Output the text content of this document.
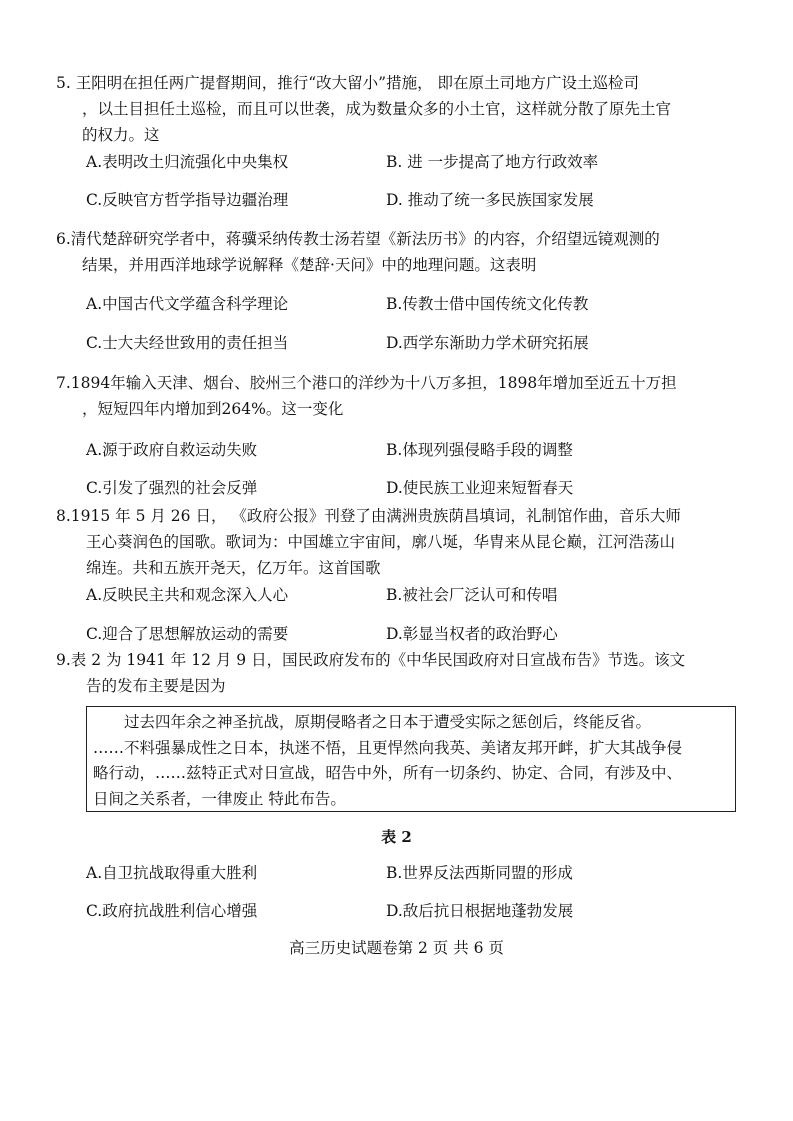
5. 王阳明在担任两广提督期间，推行“改大留小”措施， 即在原土司地方广设土巡检司
，以土目担任土巡检，而且可以世袭，成为数量众多的小土官，这样就分散了原先土官
的权力。这
A.表明改土归流强化中央集权	B. 进 一步提高了地方行政效率
C.反映官方哲学指导边疆治理	D. 推动了统一多民族国家发展
6.清代楚辞研究学者中，蒋骥采纳传教士汤若望《新法历书》的内容，介绍望远镜观测的
结果，并用西洋地球学说解释《楚辞·天问》中的地理问题。这表明
A.中国古代文学蕴含科学理论	B.传教士借中国传统文化传教
C.士大夫经世致用的责任担当	D.西学东渐助力学术研究拓展
7.1894年输入天津、烟台、胶州三个港口的洋纱为十八万多担，1898年增加至近五十万担
，短短四年内增加到264%。这一变化
A.源于政府自救运动失败	B.体现列强侵略手段的调整
C.引发了强烈的社会反弹	D.使民族工业迎来短暂春天
8.1915 年 5 月 26 日， 《政府公报》刊登了由满洲贵族荫昌填词，礼制馆作曲，音乐大师
王心葵润色的国歌。歌词为：中国雄立宇宙间，廓八埏，华胄来从昆仑巅，江河浩荡山
绵连。共和五族开尧天，亿万年。这首国歌
A.反映民主共和观念深入人心	B.被社会厂泛认可和传唱
C.迎合了思想解放运动的需要	D.彰显当权者的政治野心
9.表 2 为 1941 年 12 月 9 日，国民政府发布的《中华民国政府对日宣战布告》节选。该文
告的发布主要是因为
　　过去四年余之神圣抗战，原期侵略者之日本于遭受实际之惩创后，终能反省。
……不料强暴成性之日本，执迷不悟，且更悍然向我英、美诸友邦开衅，扩大其战争侵
略行动，……兹特正式对日宣战，昭告中外，所有一切条约、协定、合同，有涉及中、
日间之关系者，一律废止 特此布告。
表 2
A.自卫抗战取得重大胜利	B.世界反法西斯同盟的形成
C.政府抗战胜利信心增强	D.敌后抗日根据地蓬勃发展
高三历史试题卷第 2 页 共 6 页
